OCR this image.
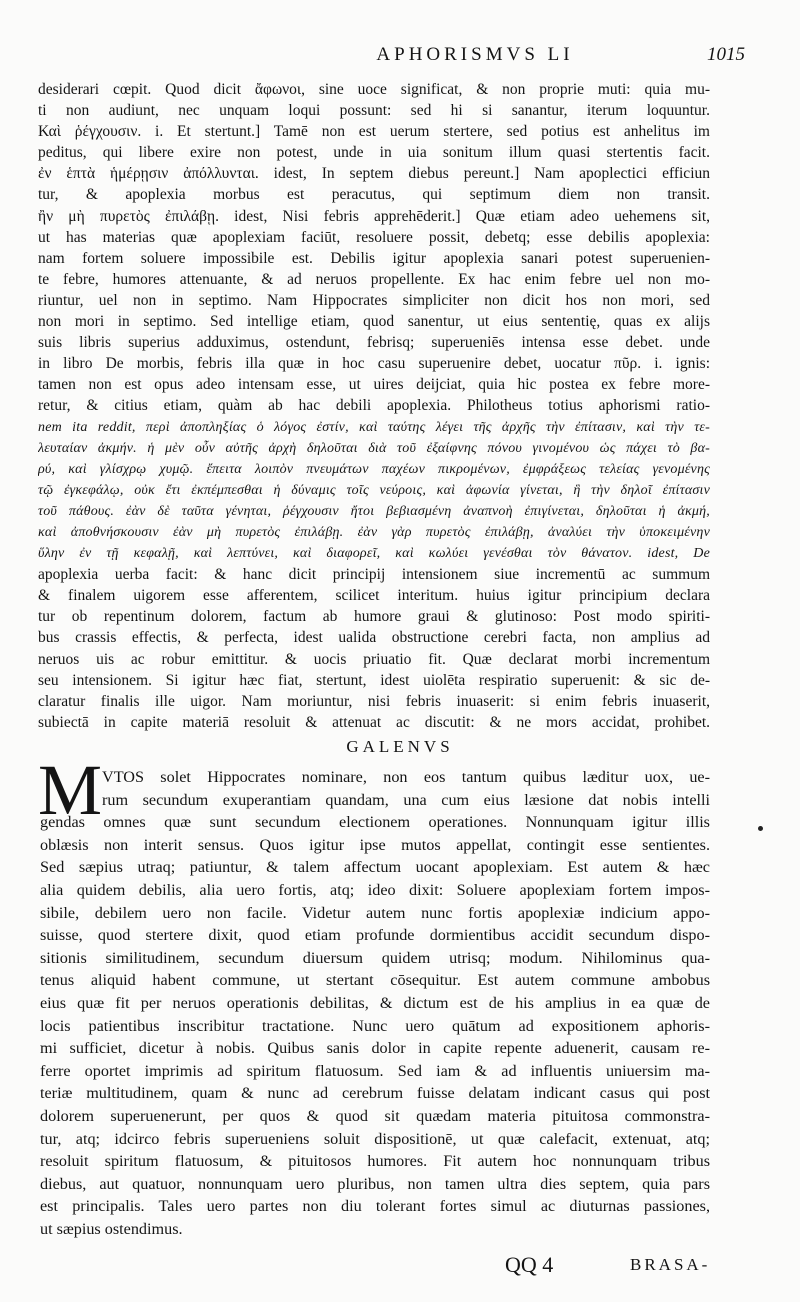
APHORISMVS LI	1015
desiderari cœpit. Quod dicit ἄφωνοι, sine uoce significat, & non proprie muti: quia mu-
ti non audiunt, nec unquam loqui possunt: sed hi si sanantur, iterum loquuntur.
Καὶ ῥέγχουσιν. i. Et stertunt.] Tamē non est uerum stertere, sed potius est anhelitus im
peditus, qui libere exire non potest, unde in uia sonitum illum quasi stertentis facit.
ἐν ἑπτὰ ἡμέρῃσιν ἀπόλλυνται. idest, In septem diebus pereunt.] Nam apoplectici efficiun
tur, & apoplexia morbus est peracutus, qui septimum diem non transit.
ἢν μὴ πυρετὸς ἐπιλάβῃ. idest, Nisi febris apprehēderit.] Quæ etiam adeo uehemens sit,
ut has materias quæ apoplexiam faciūt, resoluere possit, debetq; esse debilis apoplexia:
nam fortem soluere impossibile est. Debilis igitur apoplexia sanari potest superuenien-
te febre, humores attenuante, & ad neruos propellente. Ex hac enim febre uel non mo-
riuntur, uel non in septimo. Nam Hippocrates simpliciter non dicit hos non mori, sed
non mori in septimo. Sed intellige etiam, quod sanentur, ut eius sententię, quas ex alijs
suis libris superius adduximus, ostendunt, febrisq; superueniēs intensa esse debet. unde
in libro De morbis, febris illa quæ in hoc casu superuenire debet, uocatur πῦρ. i. ignis:
tamen non est opus adeo intensam esse, ut uires deijciat, quia hic postea ex febre more-
retur, & citius etiam, quàm ab hac debili apoplexia. Philotheus totius aphorismi ratio-
nem ita reddit, περὶ ἀποπληξίας ὁ λόγος ἐστίν, καὶ ταύτης λέγει τῆς ἀρχῆς τὴν ἐπίτασιν, καὶ τὴν τε-
λευταίαν ἀκμήν. ἡ μὲν οὖν αὐτῆς ἀρχὴ δηλοῦται διὰ τοῦ ἐξαίφνης πόνου γινομένου ὡς πάχει τὸ βα-
ρύ, καὶ γλίσχρῳ χυμῷ. ἔπειτα λοιπὸν πνευμάτων παχέων πικρομένων, ἐμφράξεως τελείας γενομένης
τῷ ἐγκεφάλῳ, οὐκ ἔτι ἐκπέμπεσθαι ἡ δύναμις τοῖς νεύροις, καὶ ἀφωνία γίνεται, ἣ τὴν δηλοῖ ἐπίτασιν
τοῦ πάθους. ἐὰν δὲ ταῦτα γένηται, ῥέγχουσιν ἤτοι βεβιασμένη ἀναπνοὴ ἐπιγίνεται, δηλοῦται ἡ ἀκμή,
καὶ ἀποθνήσκουσιν ἐὰν μὴ πυρετὸς ἐπιλάβῃ. ἐὰν γὰρ πυρετὸς ἐπιλάβῃ, ἀναλύει τὴν ὑποκειμένην
ὕλην ἐν τῇ κεφαλῇ, καὶ λεπτύνει, καὶ διαφορεῖ, καὶ κωλύει γενέσθαι τὸν θάνατον. idest, De
apoplexia uerba facit: & hanc dicit principij intensionem siue incrementū ac summum
& finalem uigorem esse afferentem, scilicet interitum. huius igitur principium declara
tur ob repentinum dolorem, factum ab humore graui & glutinoso: Post modo spiriti-
bus crassis effectis, & perfecta, idest ualida obstructione cerebri facta, non amplius ad
neruos uis ac robur emittitur. & uocis priuatio fit. Quæ declarat morbi incrementum
seu intensionem. Si igitur hæc fiat, stertunt, idest uiolēta respiratio superuenit: & sic de-
claratur finalis ille uigor. Nam moriuntur, nisi febris inuaserit: si enim febris inuaserit,
subiectā in capite materiā resoluit & attenuat ac discutit: & ne mors accidat, prohibet.
GALENVS
M VTOS solet Hippocrates nominare, non eos tantum quibus læditur uox, ue-
rum secundum exuperantiam quandam, una cum eius læsione dat nobis intelli
gendas omnes quæ sunt secundum electionem operationes. Nonnunquam igitur illis
oblæsis non interit sensus. Quos igitur ipse mutos appellat, contingit esse sentientes.
Sed sæpius utraq; patiuntur, & talem affectum uocant apoplexiam. Est autem & hæc
alia quidem debilis, alia uero fortis, atq; ideo dixit: Soluere apoplexiam fortem impos-
sibile, debilem uero non facile. Videtur autem nunc fortis apoplexiæ indicium appo-
suisse, quod stertere dixit, quod etiam profunde dormientibus accidit secundum dispo-
sitionis similitudinem, secundum diuersum quidem utrisq; modum. Nihilominus qua-
tenus aliquid habent commune, ut stertant cōsequitur. Est autem commune ambobus
eius quæ fit per neruos operationis debilitas, & dictum est de his amplius in ea quæ de
locis patientibus inscribitur tractatione. Nunc uero quātum ad expositionem aphoris-
mi sufficiet, dicetur à nobis. Quibus sanis dolor in capite repente aduenerit, causam re-
ferre oportet imprimis ad spiritum flatuosum. Sed iam & ad influentis uniuersim ma-
teriæ multitudinem, quam & nunc ad cerebrum fuisse delatam indicant casus qui post
dolorem superuenerunt, per quos & quod sit quædam materia pituitosa commonstra-
tur, atq; idcirco febris superueniens soluit dispositionē, ut quæ calefacit, extenuat, atq;
resoluit spiritum flatuosum, & pituitosos humores. Fit autem hoc nonnunquam tribus
diebus, aut quatuor, nonnunquam uero pluribus, non tamen ultra dies septem, quia pars
est principalis. Tales uero partes non diu tolerant fortes simul ac diuturnas passiones,
ut sæpius ostendimus.
QQ 4	BRASA-
